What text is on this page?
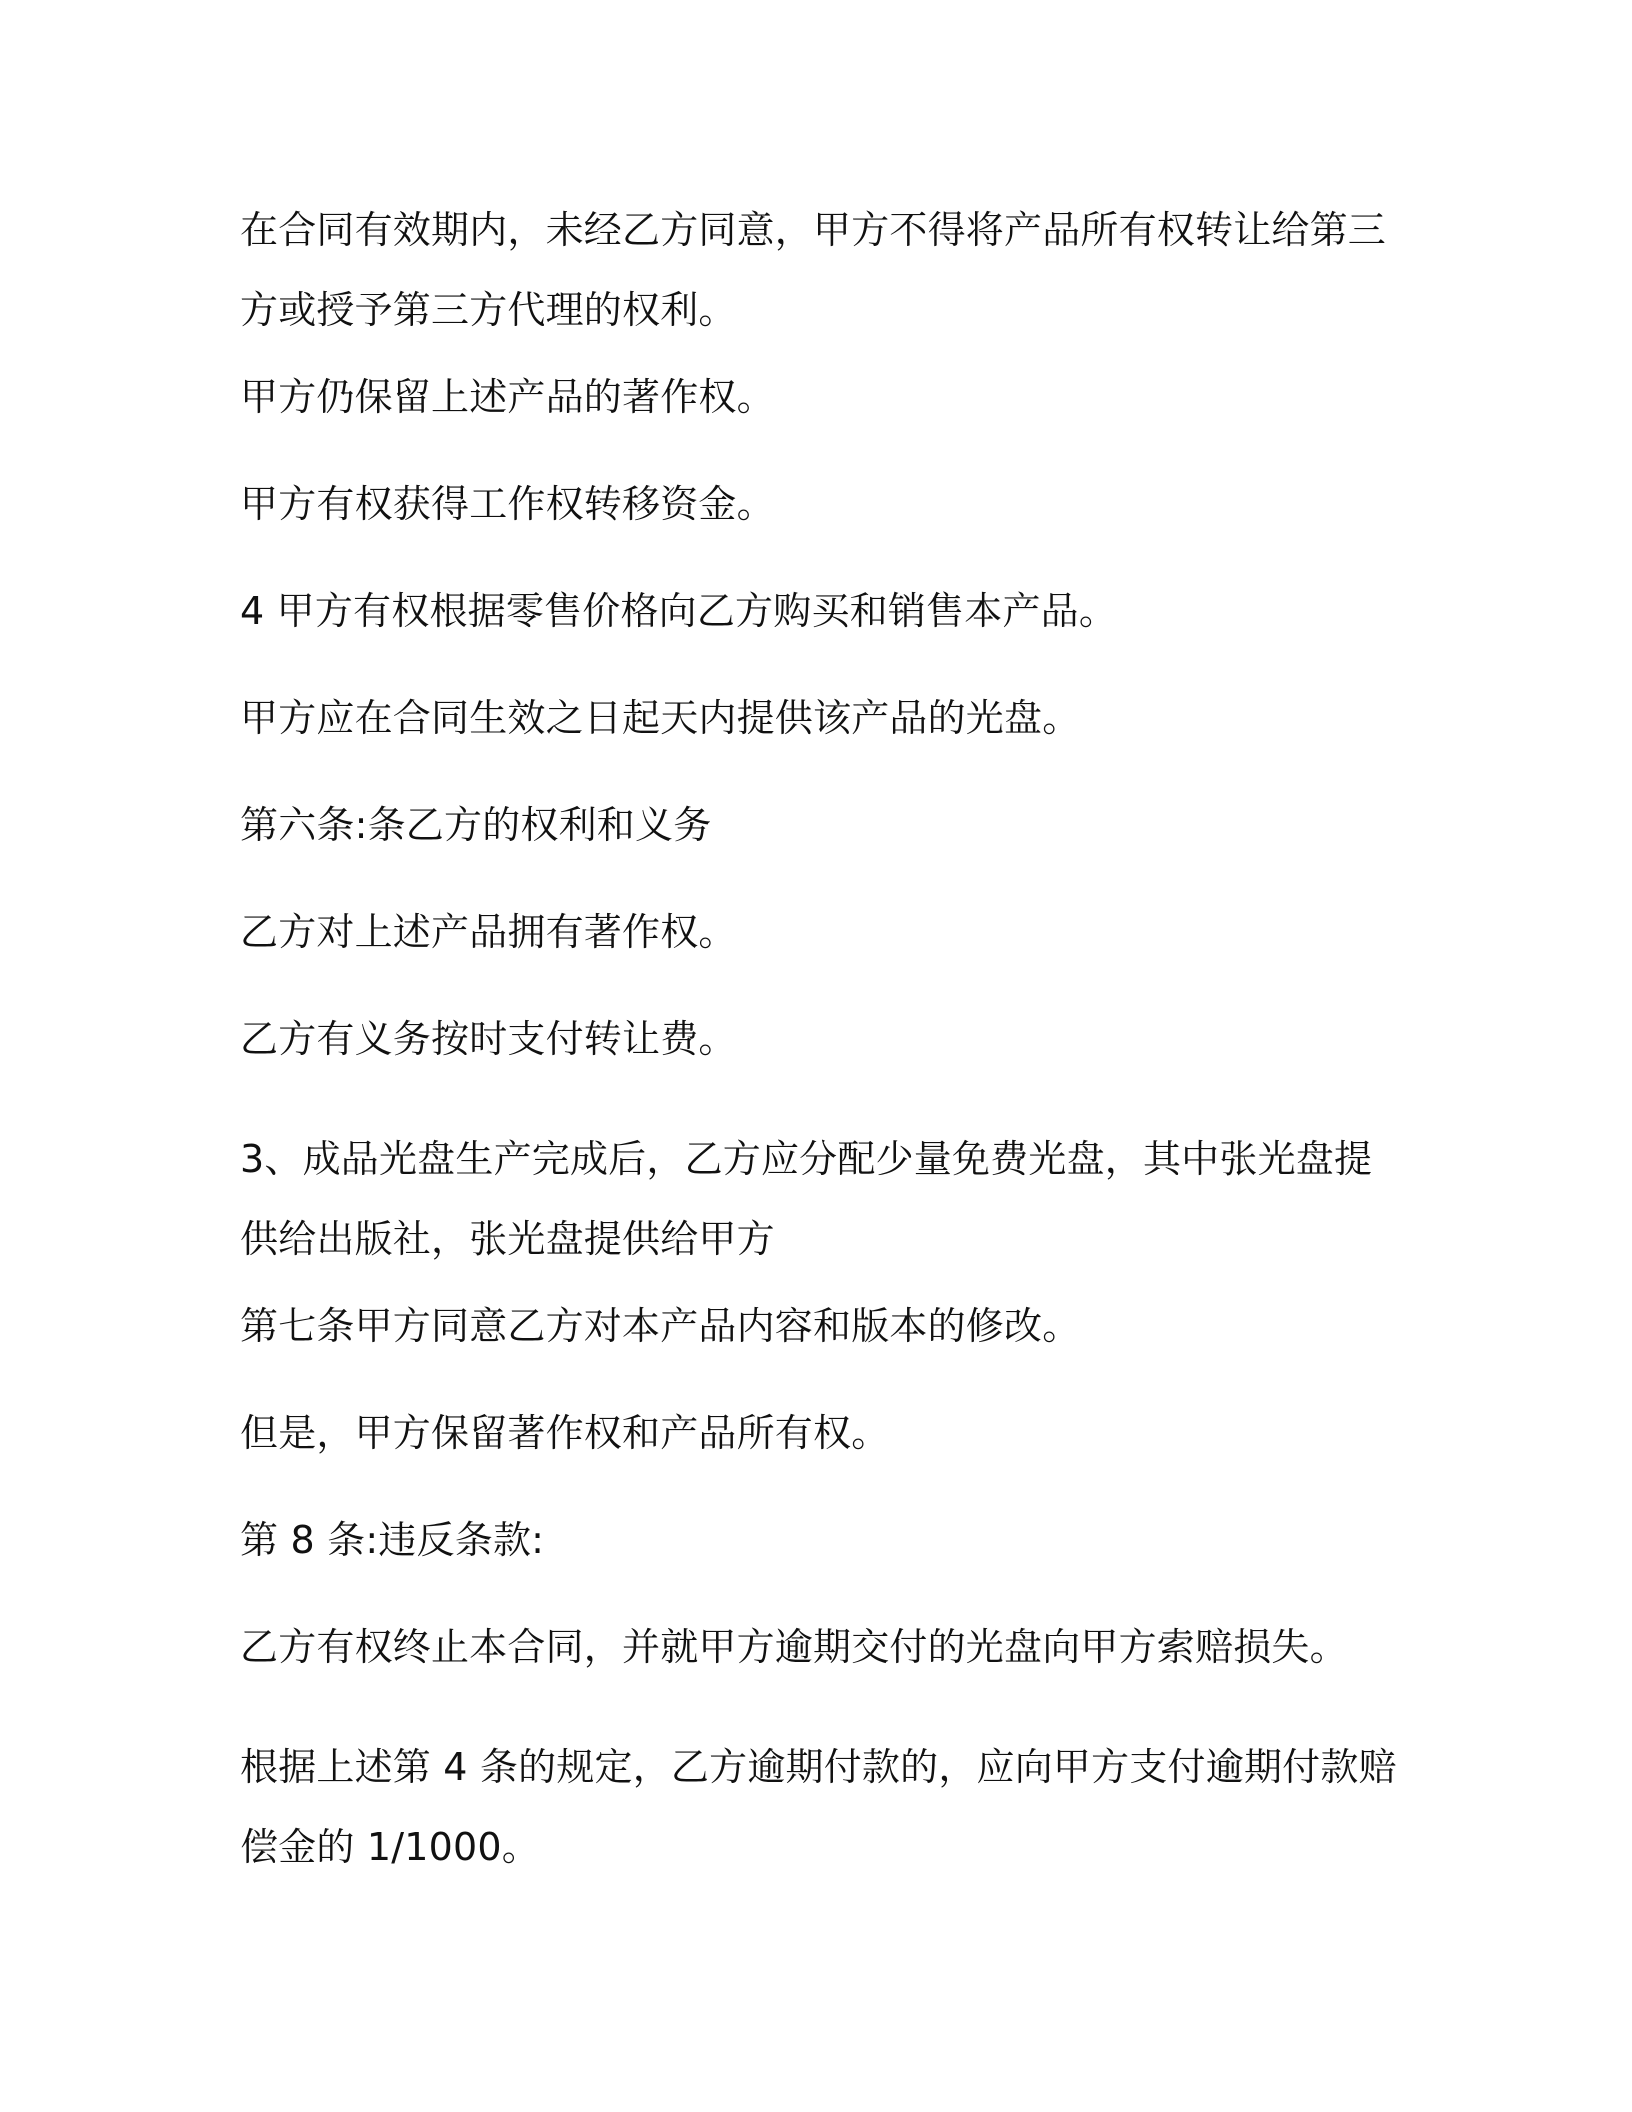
在合同有效期内，未经乙方同意，甲方不得将产品所有权转让给第三方或授予第三方代理的权利。

甲方仍保留上述产品的著作权。

甲方有权获得工作权转移资金。

4 甲方有权根据零售价格向乙方购买和销售本产品。

甲方应在合同生效之日起天内提供该产品的光盘。

第六条:条乙方的权利和义务

乙方对上述产品拥有著作权。

乙方有义务按时支付转让费。

3、成品光盘生产完成后，乙方应分配少量免费光盘，其中张光盘提供给出版社，张光盘提供给甲方

第七条甲方同意乙方对本产品内容和版本的修改。

但是，甲方保留著作权和产品所有权。

第 8 条:违反条款:

乙方有权终止本合同，并就甲方逾期交付的光盘向甲方索赔损失。

根据上述第 4 条的规定，乙方逾期付款的，应向甲方支付逾期付款赔偿金的 1/1000。
